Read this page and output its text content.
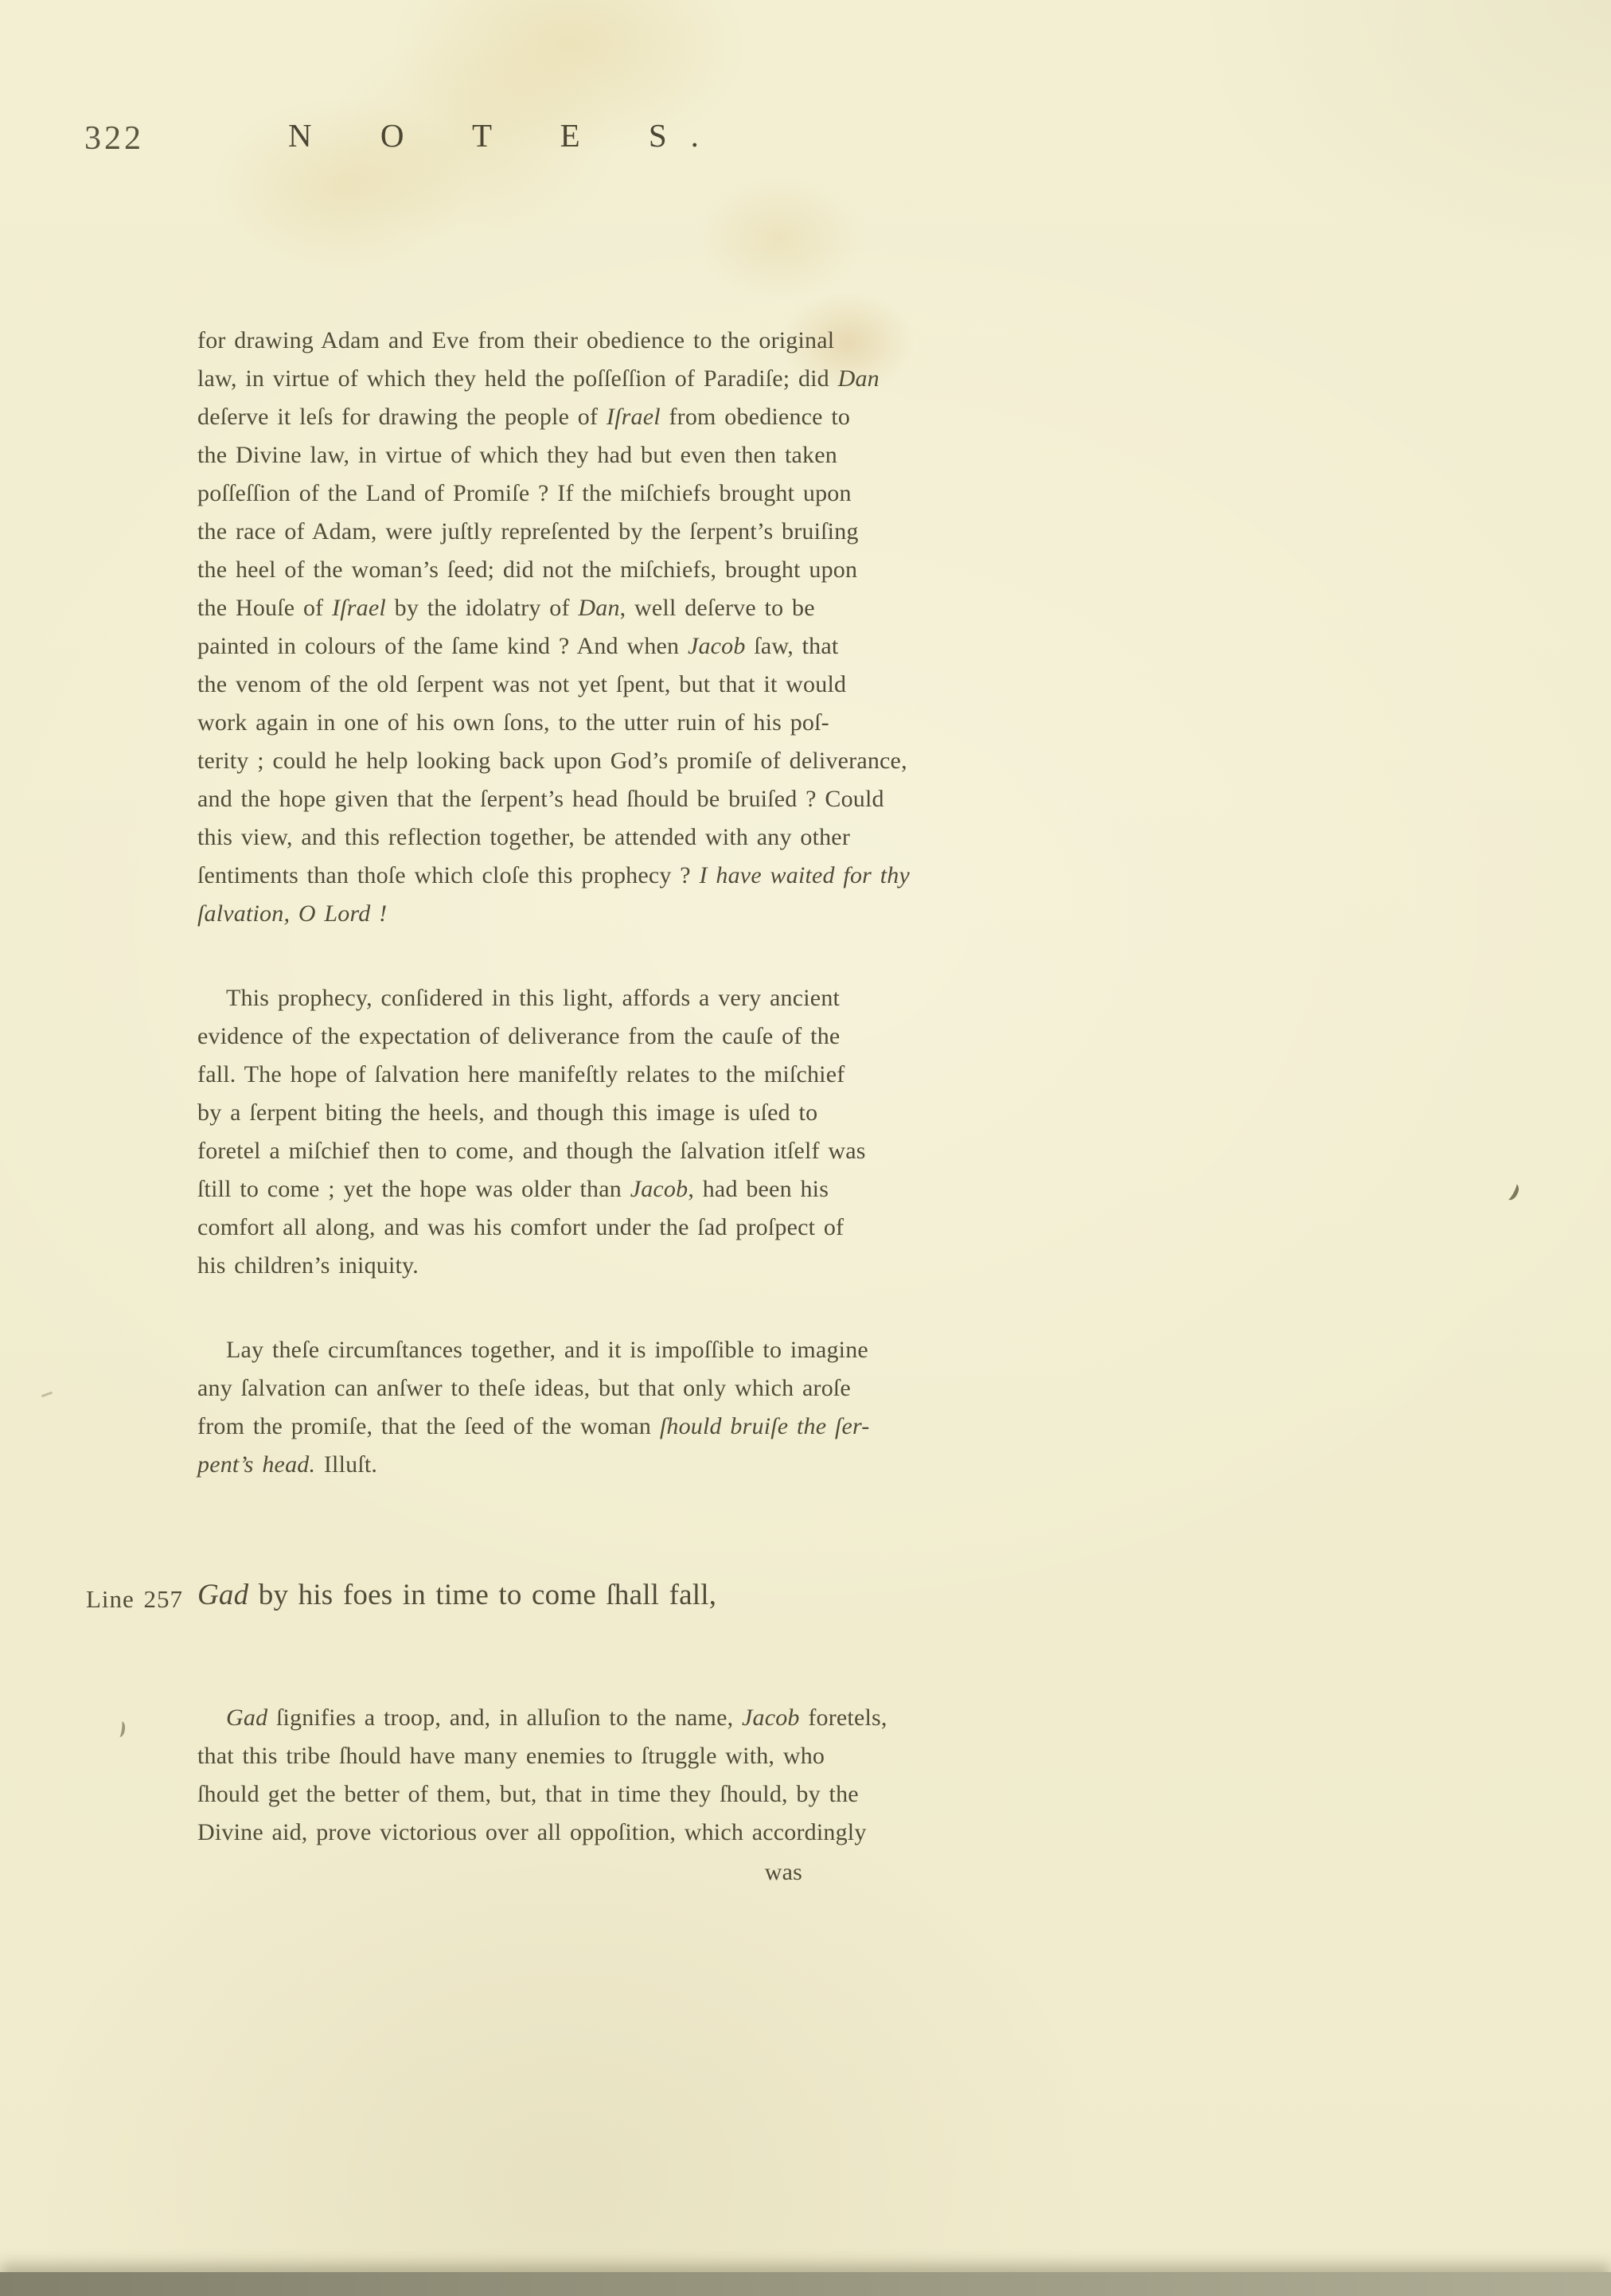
322	N O T E S.
for drawing Adam and Eve from their obedience to the original
law, in virtue of which they held the poſſeſſion of Paradiſe; did Dan
deſerve it leſs for drawing the people of Iſrael from obedience to
the Divine law, in virtue of which they had but even then taken
poſſeſſion of the Land of Promiſe ? If the miſchiefs brought upon
the race of Adam, were juſtly repreſented by the ſerpent’s bruiſing
the heel of the woman’s ſeed; did not the miſchiefs, brought upon
the Houſe of Iſrael by the idolatry of Dan, well deſerve to be
painted in colours of the ſame kind ? And when Jacob ſaw, that
the venom of the old ſerpent was not yet ſpent, but that it would
work again in one of his own ſons, to the utter ruin of his poſ-
terity ; could he help looking back upon God’s promiſe of deliverance,
and the hope given that the ſerpent’s head ſhould be bruiſed ? Could
this view, and this reflection together, be attended with any other
ſentiments than thoſe which cloſe this prophecy ? I have waited for thy
ſalvation, O Lord !
This prophecy, conſidered in this light, affords a very ancient
evidence of the expectation of deliverance from the cauſe of the
fall. The hope of ſalvation here manifeſtly relates to the miſchief
by a ſerpent biting the heels, and though this image is uſed to
foretel a miſchief then to come, and though the ſalvation itſelf was
ſtill to come ; yet the hope was older than Jacob, had been his
comfort all along, and was his comfort under the ſad proſpect of
his children’s iniquity.
Lay theſe circumſtances together, and it is impoſſible to imagine
any ſalvation can anſwer to theſe ideas, but that only which aroſe
from the promiſe, that the ſeed of the woman ſhould bruiſe the ſer-
pent’s head. Illuſt.
Line 257 Gad by his foes in time to come ſhall fall,
Gad ſignifies a troop, and, in alluſion to the name, Jacob foretels,
that this tribe ſhould have many enemies to ſtruggle with, who
ſhould get the better of them, but, that in time they ſhould, by the
Divine aid, prove victorious over all oppoſition, which accordingly
was
